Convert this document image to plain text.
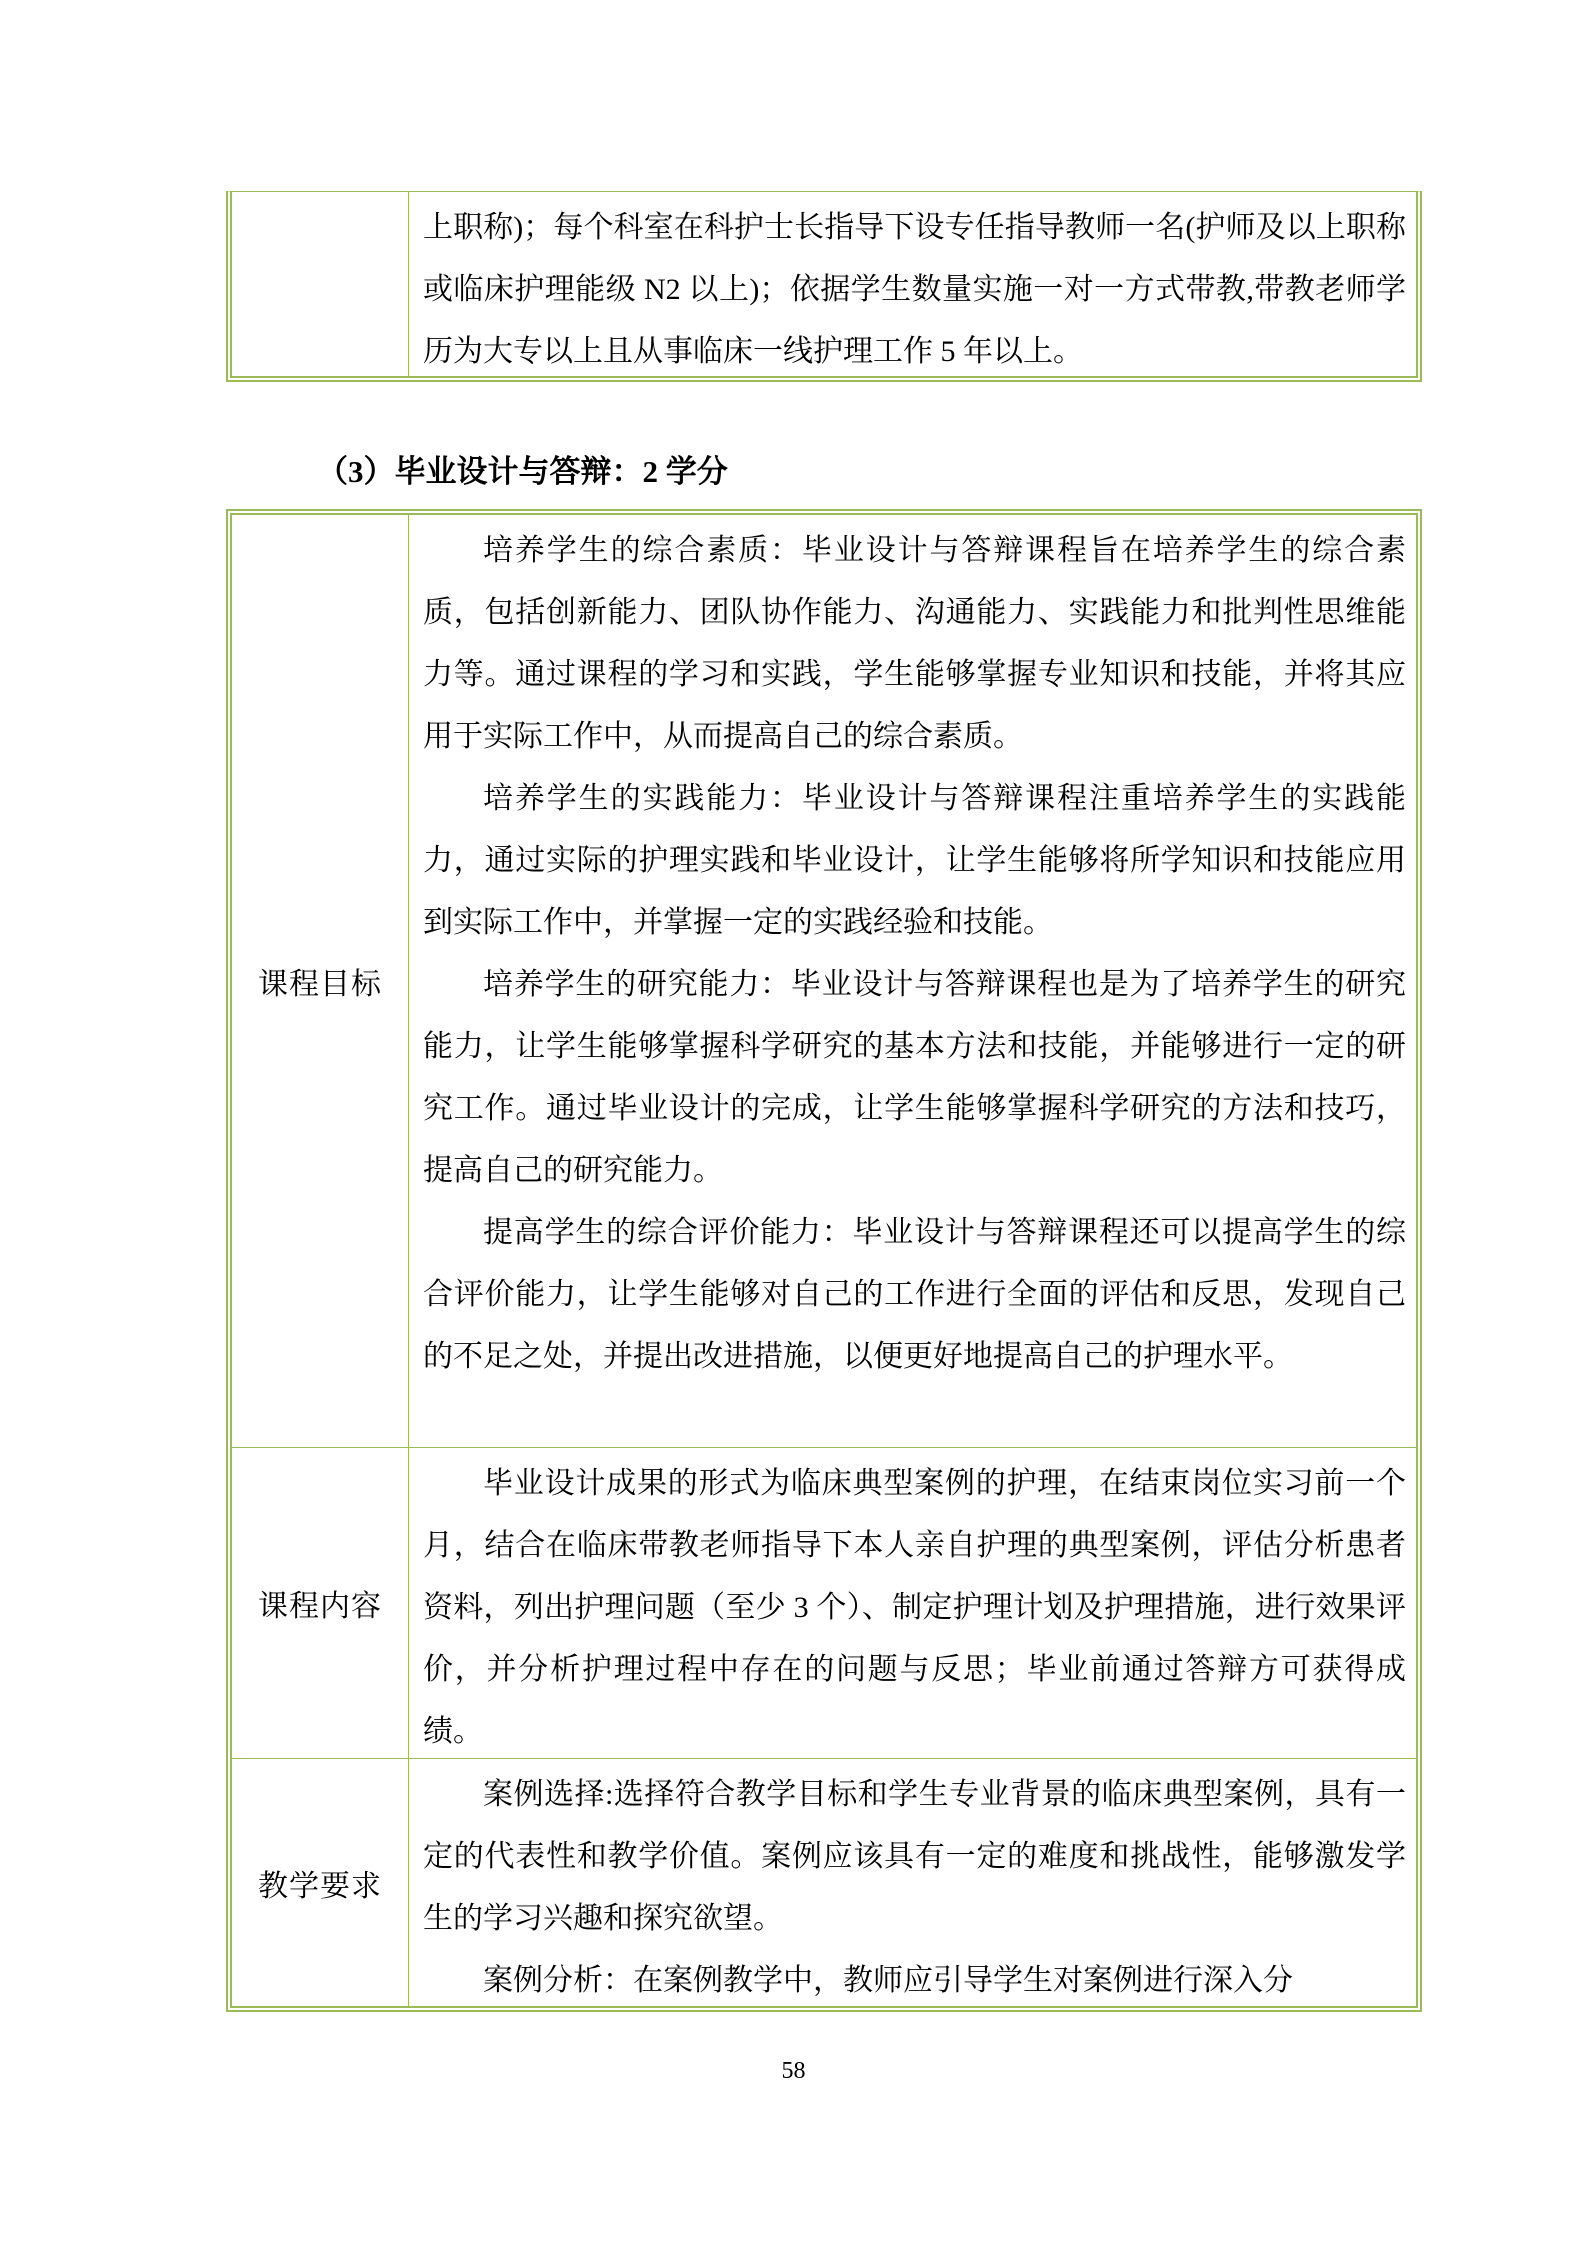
上职称)；每个科室在科护士长指导下设专任指导教师一名(护师及以上职称或临床护理能级 N2 以上)；依据学生数量实施一对一方式带教,带教老师学历为大专以上且从事临床一线护理工作 5 年以上。

（3）毕业设计与答辩：2 学分
课程目标

培养学生的综合素质：毕业设计与答辩课程旨在培养学生的综合素质，包括创新能力、团队协作能力、沟通能力、实践能力和批判性思维能力等。通过课程的学习和实践，学生能够掌握专业知识和技能，并将其应用于实际工作中，从而提高自己的综合素质。

培养学生的实践能力：毕业设计与答辩课程注重培养学生的实践能力，通过实际的护理实践和毕业设计，让学生能够将所学知识和技能应用到实际工作中，并掌握一定的实践经验和技能。

培养学生的研究能力：毕业设计与答辩课程也是为了培养学生的研究能力，让学生能够掌握科学研究的基本方法和技能，并能够进行一定的研究工作。通过毕业设计的完成，让学生能够掌握科学研究的方法和技巧，提高自己的研究能力。

提高学生的综合评价能力：毕业设计与答辩课程还可以提高学生的综合评价能力，让学生能够对自己的工作进行全面的评估和反思，发现自己的不足之处，并提出改进措施，以便更好地提高自己的护理水平。

课程内容

毕业设计成果的形式为临床典型案例的护理，在结束岗位实习前一个月，结合在临床带教老师指导下本人亲自护理的典型案例，评估分析患者资料，列出护理问题（至少 3 个）、制定护理计划及护理措施，进行效果评价，并分析护理过程中存在的问题与反思；毕业前通过答辩方可获得成绩。

教学要求

案例选择:选择符合教学目标和学生专业背景的临床典型案例，具有一定的代表性和教学价值。案例应该具有一定的难度和挑战性，能够激发学生的学习兴趣和探究欲望。

案例分析：在案例教学中，教师应引导学生对案例进行深入分

58
